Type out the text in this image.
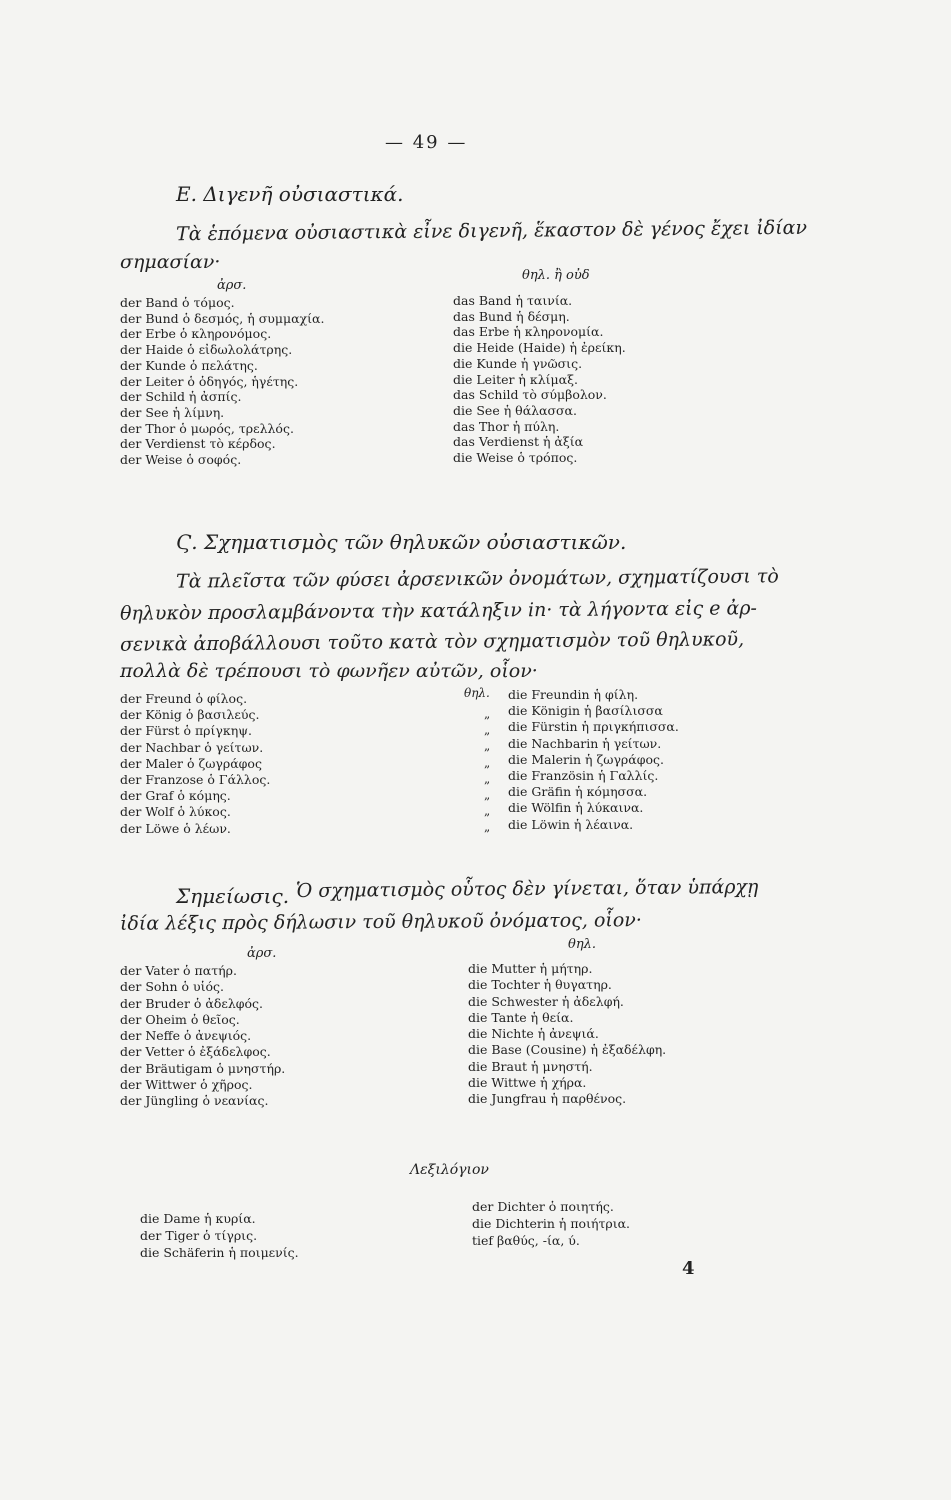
— 49 —
E. Διγενῆ οὐσιαστικά.
Τὰ ἑπόμενα οὐσιαστικὰ εἶνε διγενῆ, ἕκαστον δὲ γένος ἔχει ἰδίαν
σημασίαν·
ἀρσ.
θηλ. ἢ οὐδ
der Band ὁ τόμος.
der Bund ὁ δεσμός, ἡ συμμαχία.
der Erbe ὁ κληρονόμος.
der Haide ὁ εἰδωλολάτρης.
der Kunde ὁ πελάτης.
der Leiter ὁ ὁδηγός, ἡγέτης.
der Schild ἡ ἀσπίς.
der See ἡ λίμνη.
der Thor ὁ μωρός, τρελλός.
der Verdienst τὸ κέρδος.
der Weise ὁ σοφός.
das Band ἡ ταινία.
das Bund ἡ δέσμη.
das Erbe ἡ κληρονομία.
die Heide (Haide) ἡ ἐρείκη.
die Kunde ἡ γνῶσις.
die Leiter ἡ κλίμαξ.
das Schild τὸ σύμβολον.
die See ἡ θάλασσα.
das Thor ἡ πύλη.
das Verdienst ἡ ἀξία
die Weise ὁ τρόπος.
Ϛ. Σχηματισμὸς τῶν θηλυκῶν οὐσιαστικῶν.
Τὰ πλεῖστα τῶν φύσει ἀρσενικῶν ὀνομάτων, σχηματίζουσι τὸ
θηλυκὸν προσλαμβάνοντα τὴν κατάληξιν in· τὰ λήγοντα εἰς e ἀρ-
σενικὰ ἀποβάλλουσι τοῦτο κατὰ τὸν σχηματισμὸν τοῦ θηλυκοῦ,
πολλὰ δὲ τρέπουσι τὸ φωνῆεν αὐτῶν, οἷον·
θηλ.
der Freund ὁ φίλος.
der König ὁ βασιλεύς.
der Fürst ὁ πρίγκηψ.
der Nachbar ὁ γείτων.
der Maler ὁ ζωγράφος
der Franzose ὁ Γάλλος.
der Graf ὁ κόμης.
der Wolf ὁ λύκος.
der Löwe ὁ λέων.
„
„
„
„
„
„
„
„
die Freundin ἡ φίλη.
die Königin ἡ βασίλισσα
die Fürstin ἡ πριγκήπισσα.
die Nachbarin ἡ γείτων.
die Malerin ἡ ζωγράφος.
die Französin ἡ Γαλλίς.
die Gräfin ἡ κόμησσα.
die Wölfin ἡ λύκαινα.
die Löwin ἡ λέαινα.
Σημείωσις. Ὁ σχηματισμὸς οὗτος δὲν γίνεται, ὅταν ὑπάρχῃ
ἰδία λέξις πρὸς δήλωσιν τοῦ θηλυκοῦ ὀνόματος, οἷον·
ἀρσ.
θηλ.
der Vater ὁ πατήρ.
der Sohn ὁ υἱός.
der Bruder ὁ ἀδελφός.
der Oheim ὁ θεῖος.
der Neffe ὁ ἀνεψιός.
der Vetter ὁ ἐξάδελφος.
der Bräutigam ὁ μνηστήρ.
der Wittwer ὁ χῆρος.
der Jüngling ὁ νεανίας.
die Mutter ἡ μήτηρ.
die Tochter ἡ θυγατηρ.
die Schwester ἡ ἀδελφή.
die Tante ἡ θεία.
die Nichte ἡ ἀνεψιά.
die Base (Cousine) ἡ ἐξαδέλφη.
die Braut ἡ μνηστή.
die Wittwe ἡ χήρα.
die Jungfrau ἡ παρθένος.
Λεξιλόγιον
die Dame ἡ κυρία.
der Tiger ὁ τίγρις.
die Schäferin ἡ ποιμενίς.
der Dichter ὁ ποιητής.
die Dichterin ἡ ποιήτρια.
tief βαθύς, -ία, ύ.
4
